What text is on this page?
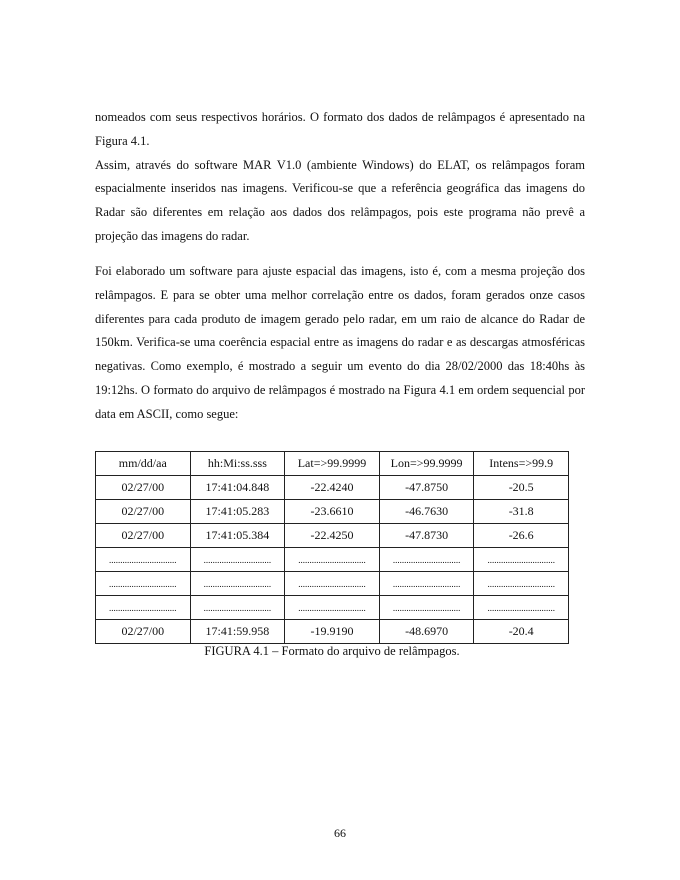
nomeados com seus respectivos horários. O formato dos dados de relâmpagos é apresentado na Figura 4.1.
Assim, através do software MAR V1.0 (ambiente Windows) do ELAT, os relâmpagos foram espacialmente inseridos nas imagens. Verificou-se que a referência geográfica das imagens do Radar são diferentes em relação aos dados dos relâmpagos, pois este programa não prevê a projeção das imagens do radar.

Foi elaborado um software para ajuste espacial das imagens, isto é, com a mesma projeção dos relâmpagos. E para se obter uma melhor correlação entre os dados, foram gerados onze casos diferentes para cada produto de imagem gerado pelo radar, em um raio de alcance do Radar de 150km. Verifica-se uma coerência espacial entre as imagens do radar e as descargas atmosféricas negativas. Como exemplo, é mostrado a seguir um evento do dia 28/02/2000 das 18:40hs às 19:12hs. O formato do arquivo de relâmpagos é mostrado na Figura 4.1 em ordem sequencial por data em ASCII, como segue:

mm/dd/aa	hh:Mi:ss.sss	Lat=>99.9999	Lon=>99.9999	Intens=>99.9
02/27/00	17:41:04.848	-22.4240	-47.8750	-20.5
02/27/00	17:41:05.283	-23.6610	-46.7630	-31.8
02/27/00	17:41:05.384	-22.4250	-47.8730	-26.6
..............................	..............................	..............................	..............................	..............................
..............................	..............................	..............................	..............................	..............................
..............................	..............................	..............................	..............................	..............................
02/27/00	17:41:59.958	-19.9190	-48.6970	-20.4

FIGURA 4.1 – Formato do arquivo de relâmpagos.

66
